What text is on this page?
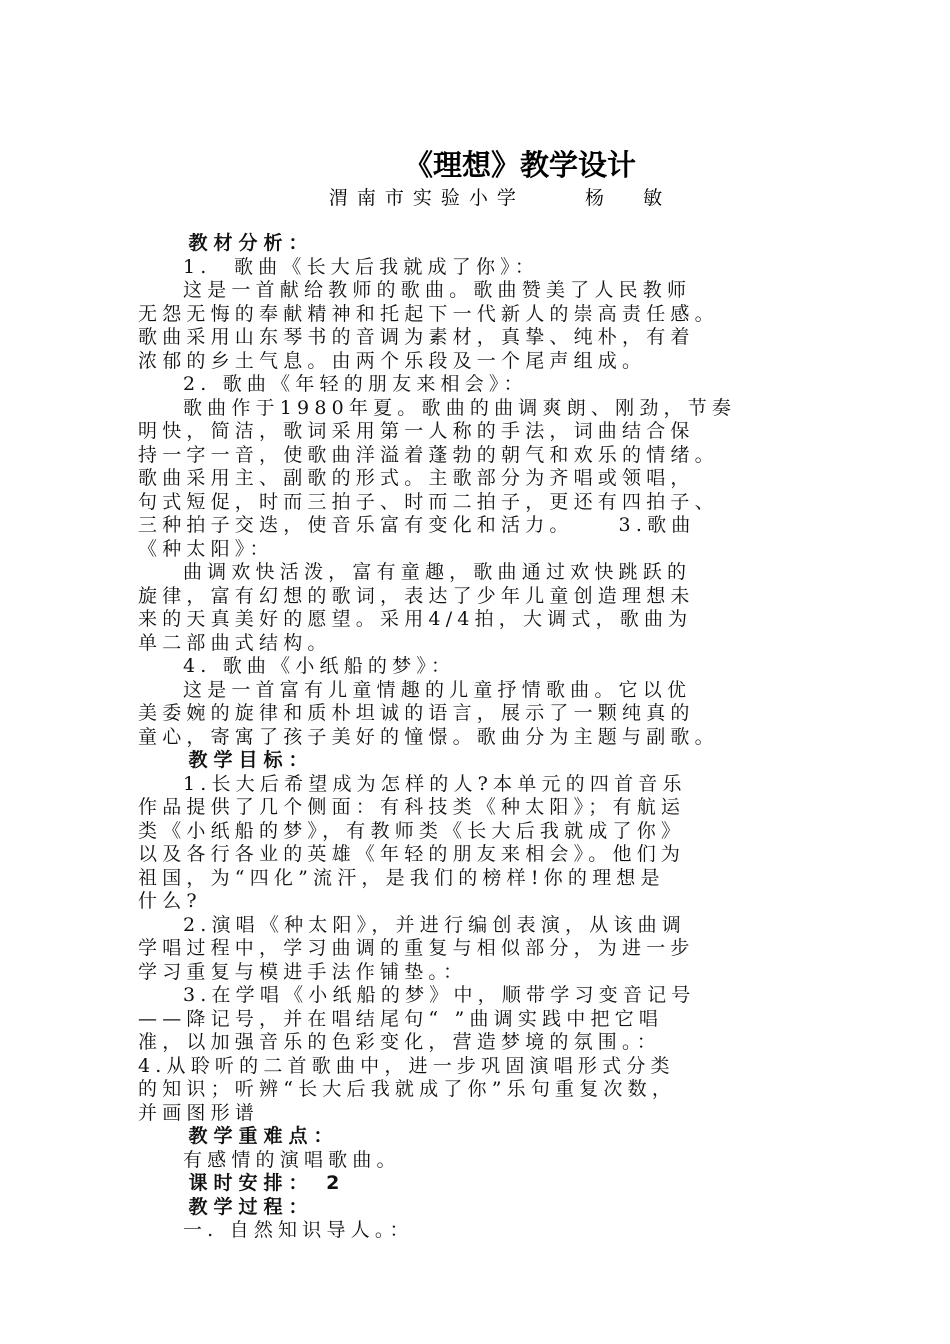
《理想》教学设计

渭南市实验小学    杨  敏

教材分析：
1.  歌曲《长大后我就成了你》：
这是一首献给教师的歌曲。歌曲赞美了人民教师
无怨无悔的奉献精神和托起下一代新人的崇高责任感。
歌曲采用山东琴书的音调为素材，真挚、纯朴，有着
浓郁的乡土气息。由两个乐段及一个尾声组成。
2. 歌曲《年轻的朋友来相会》：
歌曲作于1980年夏。歌曲的曲调爽朗、刚劲，节奏
明快，简洁，歌词采用第一人称的手法，词曲结合保
持一字一音，使歌曲洋溢着蓬勃的朝气和欢乐的情绪。
歌曲采用主、副歌的形式。主歌部分为齐唱或领唱，
句式短促，时而三拍子、时而二拍子，更还有四拍子、
三种拍子交迭，使音乐富有变化和活力。    3.歌曲
《种太阳》：
曲调欢快活泼，富有童趣，歌曲通过欢快跳跃的
旋律，富有幻想的歌词，表达了少年儿童创造理想未
来的天真美好的愿望。采用4/4拍，大调式，歌曲为
单二部曲式结构。
4. 歌曲《小纸船的梦》：
这是一首富有儿童情趣的儿童抒情歌曲。它以优
美委婉的旋律和质朴坦诚的语言，展示了一颗纯真的
童心，寄寓了孩子美好的憧憬。歌曲分为主题与副歌。
教学目标：
1.长大后希望成为怎样的人?本单元的四首音乐
作品提供了几个侧面：有科技类《种太阳》；有航运
类《小纸船的梦》，有教师类《长大后我就成了你》
以及各行各业的英雄《年轻的朋友来相会》。他们为
祖国，为“四化”流汗，是我们的榜样!你的理想是
什么?
2.演唱《种太阳》，并进行编创表演，从该曲调
学唱过程中，学习曲调的重复与相似部分，为进一步
学习重复与模进手法作铺垫。：
3.在学唱《小纸船的梦》中，顺带学习变音记号
——降记号，并在唱结尾句“ ”曲调实践中把它唱
准，以加强音乐的色彩变化，营造梦境的氛围。：
4.从聆听的二首歌曲中，进一步巩固演唱形式分类
的知识；听辨“长大后我就成了你”乐句重复次数，
并画图形谱
教学重难点：
有感情的演唱歌曲。
课时安排： 2
教学过程：
一. 自然知识导人。：
